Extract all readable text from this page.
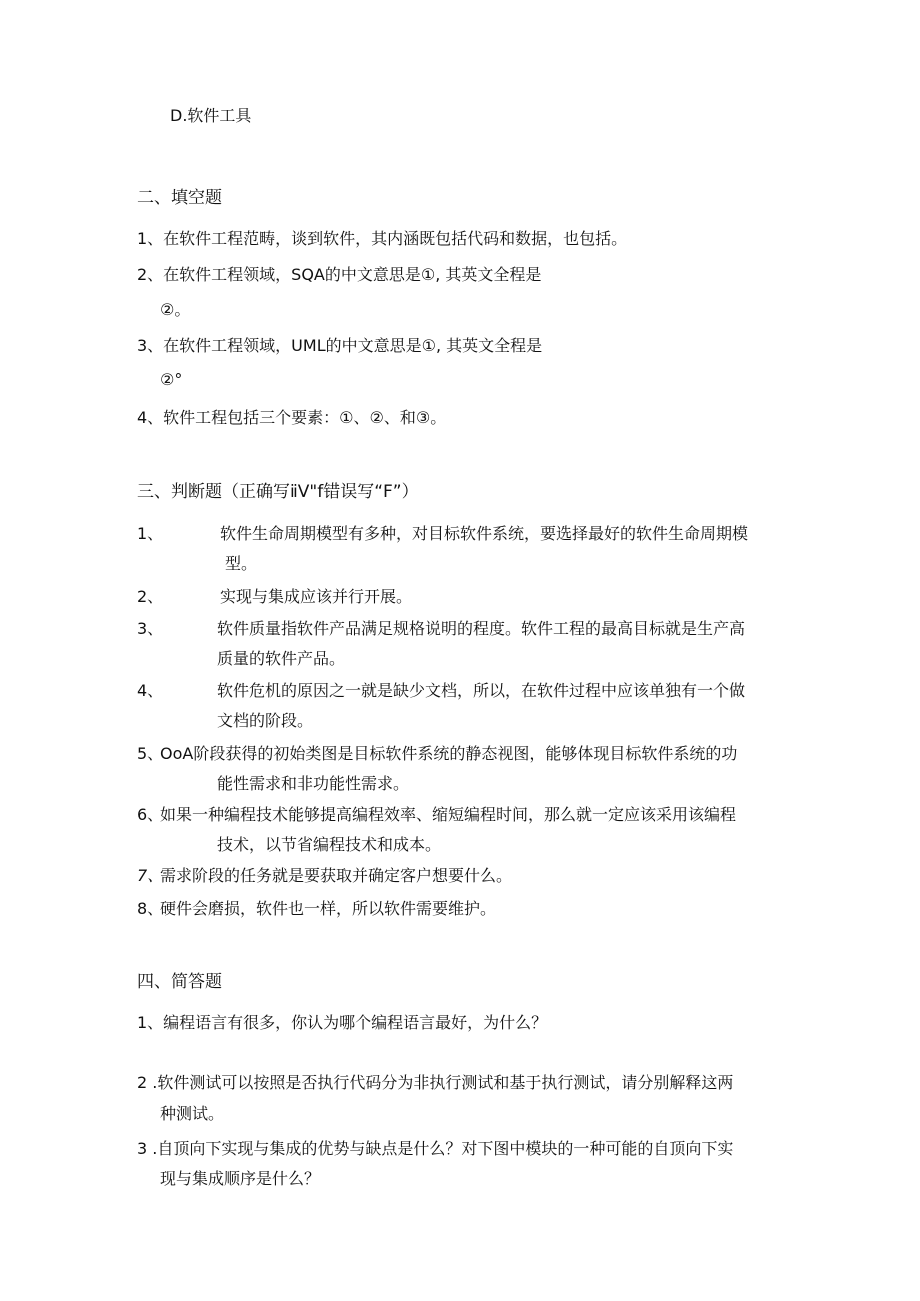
D.软件工具
二、填空题
1、在软件工程范畴，谈到软件，其内涵既包括代码和数据，也包括。
2、在软件工程领域，SQA的中文意思是①, 其英文全程是
②。
3、在软件工程领域，UML的中文意思是①, 其英文全程是
②°
4、软件工程包括三个要素：①、②、和③。
三、判断题（正确写ⅱV"f错误写“F”）
1、	软件生命周期模型有多种，对目标软件系统，要选择最好的软件生命周期模
型。
2、	实现与集成应该并行开展。
3、	软件质量指软件产品满足规格说明的程度。软件工程的最高目标就是生产高
质量的软件产品。
4、	软件危机的原因之一就是缺少文档，所以，在软件过程中应该单独有一个做
文档的阶段。
5、
OoA阶段获得的初始类图是目标软件系统的静态视图，能够体现目标软件系统的功
能性需求和非功能性需求。
6、
如果一种编程技术能够提高编程效率、缩短编程时间，那么就一定应该采用该编程
技术，以节省编程技术和成本。
7、
需求阶段的任务就是要获取并确定客户想要什么。
8、
硬件会磨损，软件也一样，所以软件需要维护。
四、简答题
1、编程语言有很多，你认为哪个编程语言最好，为什么？
2 .软件测试可以按照是否执行代码分为非执行测试和基于执行测试，请分别解释这两
种测试。
3 .自顶向下实现与集成的优势与缺点是什么？对下图中模块的一种可能的自顶向下实
现与集成顺序是什么？
